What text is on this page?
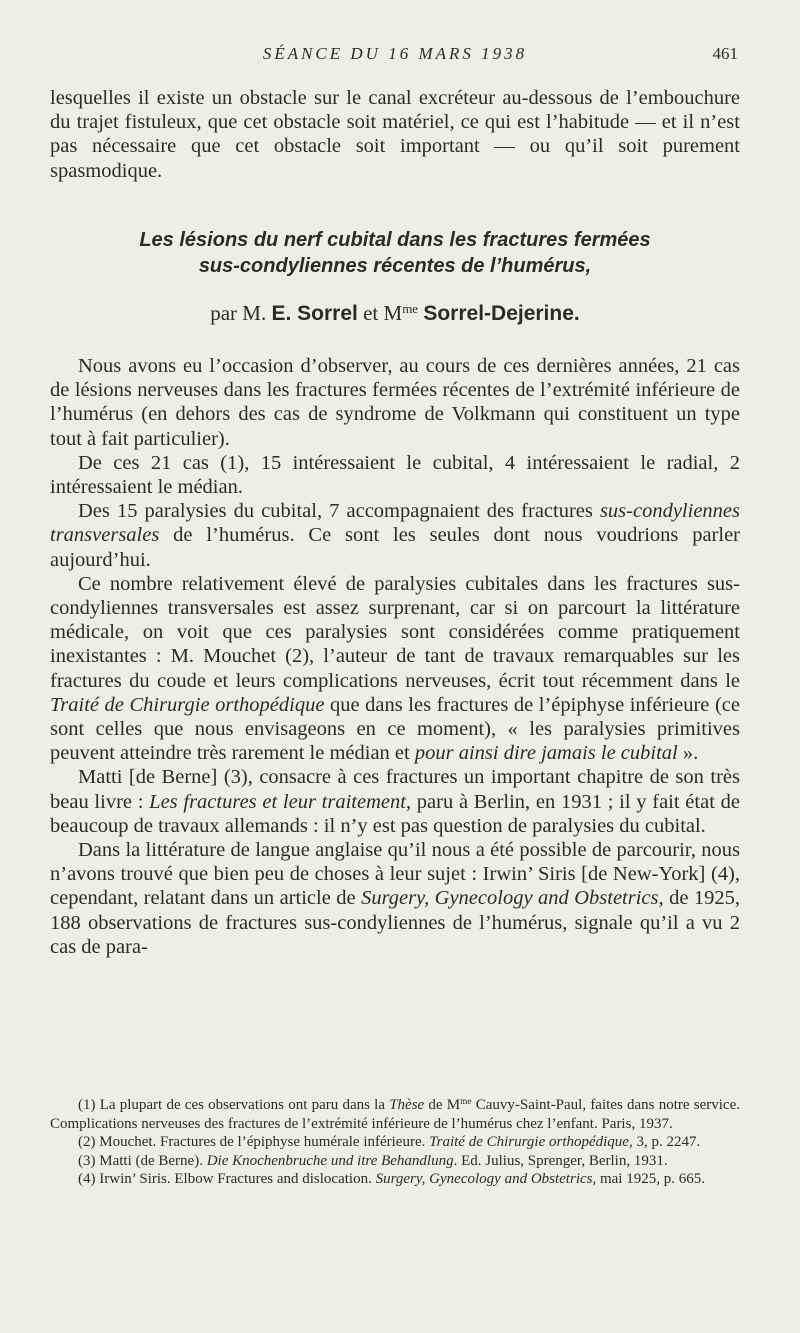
SÉANCE DU 16 MARS 1938	461

lesquelles il existe un obstacle sur le canal excréteur au-dessous de l’embouchure du trajet fistuleux, que cet obstacle soit matériel, ce qui est l’habitude — et il n’est pas nécessaire que cet obstacle soit important — ou qu’il soit purement spasmodique.

Les lésions du nerf cubital dans les fractures fermées
sus-condyliennes récentes de l’humérus,

par M. E. Sorrel et $M^{me}$ Sorrel-Dejerine.

Nous avons eu l’occasion d’observer, au cours de ces dernières années, 21 cas de lésions nerveuses dans les fractures fermées récentes de l’extrémité inférieure de l’humérus (en dehors des cas de syndrome de Volkmann qui constituent un type tout à fait particulier).

De ces 21 cas (1), 15 intéressaient le cubital, 4 intéressaient le radial, 2 intéressaient le médian.

Des 15 paralysies du cubital, 7 accompagnaient des fractures sus-condyliennes transversales de l’humérus. Ce sont les seules dont nous voudrions parler aujourd’hui.

Ce nombre relativement élevé de paralysies cubitales dans les fractures sus-condyliennes transversales est assez surprenant, car si on parcourt la littérature médicale, on voit que ces paralysies sont considérées comme pratiquement inexistantes : M. Mouchet (2), l’auteur de tant de travaux remarquables sur les fractures du coude et leurs complications nerveuses, écrit tout récemment dans le Traité de Chirurgie orthopédique que dans les fractures de l’épiphyse inférieure (ce sont celles que nous envisageons en ce moment), « les paralysies primitives peuvent atteindre très rarement le médian et pour ainsi dire jamais le cubital ».

Matti [de Berne] (3), consacre à ces fractures un important chapitre de son très beau livre : Les fractures et leur traitement, paru à Berlin, en 1931 ; il y fait état de beaucoup de travaux allemands : il n’y est pas question de paralysies du cubital.

Dans la littérature de langue anglaise qu’il nous a été possible de parcourir, nous n’avons trouvé que bien peu de choses à leur sujet : Irwin’ Siris [de New-York] (4), cependant, relatant dans un article de Surgery, Gynecology and Obstetrics, de 1925, 188 observations de fractures sus-condyliennes de l’humérus, signale qu’il a vu 2 cas de para-

(1) La plupart de ces observations ont paru dans la Thèse de $M^{me}$ Cauvy-Saint-Paul, faites dans notre service. Complications nerveuses des fractures de l’extrémité inférieure de l’humérus chez l’enfant. Paris, 1937.

(2) Mouchet. Fractures de l’épiphyse humérale inférieure. Traité de Chirurgie orthopédique, 3, p. 2247.

(3) Matti (de Berne). Die Knochenbruche und itre Behandlung. Ed. Julius, Sprenger, Berlin, 1931.

(4) Irwin’ Siris. Elbow Fractures and dislocation. Surgery, Gynecology and Obstetrics, mai 1925, p. 665.
